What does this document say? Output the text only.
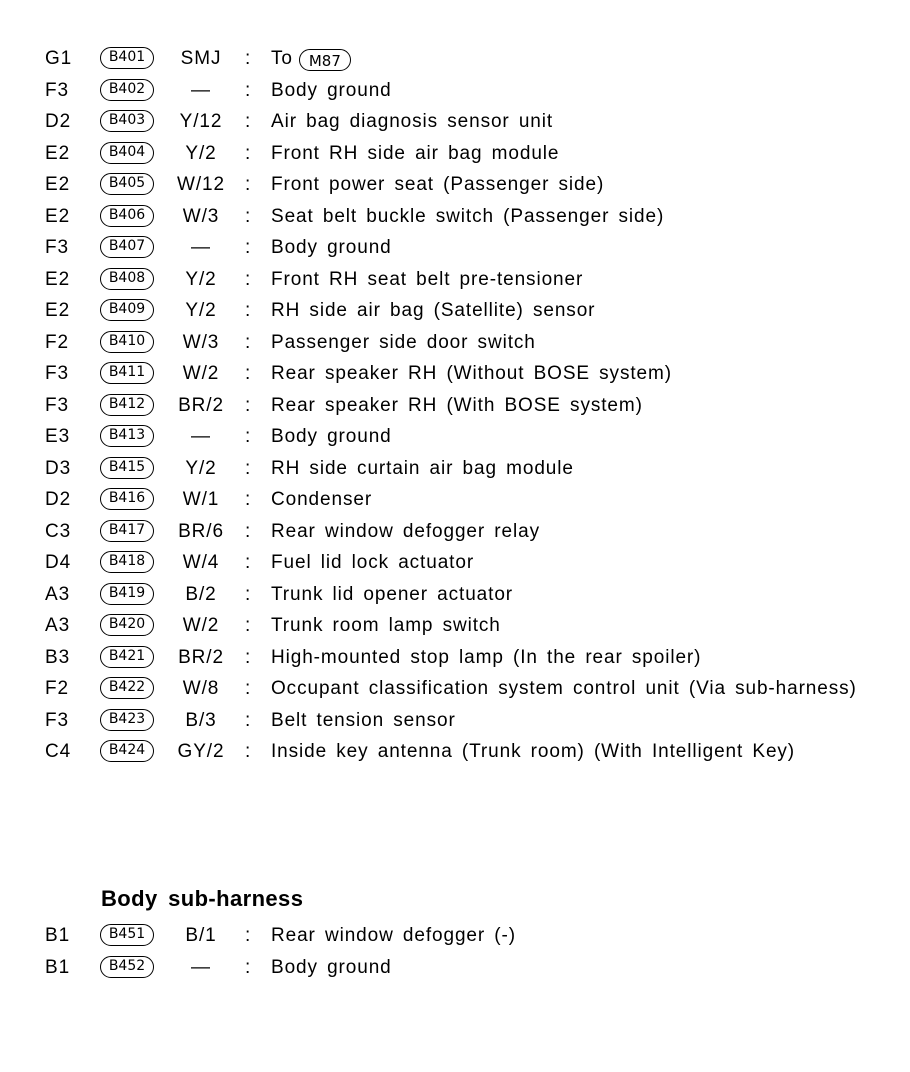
G1	B401	SMJ	: To M87
F3	B402	—	: Body ground
D2	B403	Y/12	: Air bag diagnosis sensor unit
E2	B404	Y/2	: Front RH side air bag module
E2	B405	W/12	: Front power seat (Passenger side)
E2	B406	W/3	: Seat belt buckle switch (Passenger side)
F3	B407	—	: Body ground
E2	B408	Y/2	: Front RH seat belt pre-tensioner
E2	B409	Y/2	: RH side air bag (Satellite) sensor
F2	B410	W/3	: Passenger side door switch
F3	B411	W/2	: Rear speaker RH (Without BOSE system)
F3	B412	BR/2	: Rear speaker RH (With BOSE system)
E3	B413	—	: Body ground
D3	B415	Y/2	: RH side curtain air bag module
D2	B416	W/1	: Condenser
C3	B417	BR/6	: Rear window defogger relay
D4	B418	W/4	: Fuel lid lock actuator
A3	B419	B/2	: Trunk lid opener actuator
A3	B420	W/2	: Trunk room lamp switch
B3	B421	BR/2	: High-mounted stop lamp (In the rear spoiler)
F2	B422	W/8	: Occupant classification system control unit (Via sub-harness)
F3	B423	B/3	: Belt tension sensor
C4	B424	GY/2	: Inside key antenna (Trunk room) (With Intelligent Key)
Body sub-harness
B1	B451	B/1	: Rear window defogger (-)
B1	B452	—	: Body ground
